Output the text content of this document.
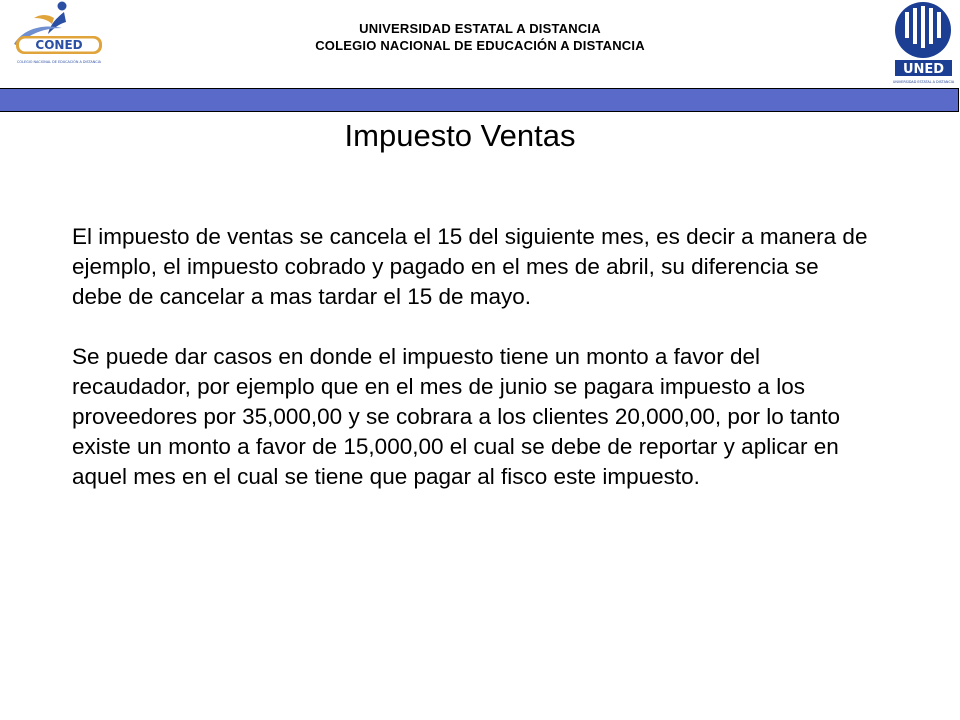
CONED
COLEGIO NACIONAL DE EDUCACIÓN A DISTANCIA
UNIVERSIDAD ESTATAL A DISTANCIA
COLEGIO NACIONAL DE EDUCACIÓN A DISTANCIA
UNED
UNIVERSIDAD ESTATAL A DISTANCIA
Impuesto Ventas

El impuesto de ventas se cancela el 15 del siguiente mes, es decir a manera de ejemplo, el impuesto cobrado y pagado en el mes de abril, su diferencia se debe de cancelar a mas tardar el 15 de mayo.

Se puede dar casos en donde el impuesto tiene un monto a favor del recaudador, por ejemplo que en el mes de junio se pagara impuesto a los proveedores por 35,000,00 y se cobrara a los clientes 20,000,00, por lo tanto existe un monto a favor de 15,000,00 el cual se debe de reportar y aplicar en aquel mes en el cual se tiene que pagar al fisco este impuesto.
